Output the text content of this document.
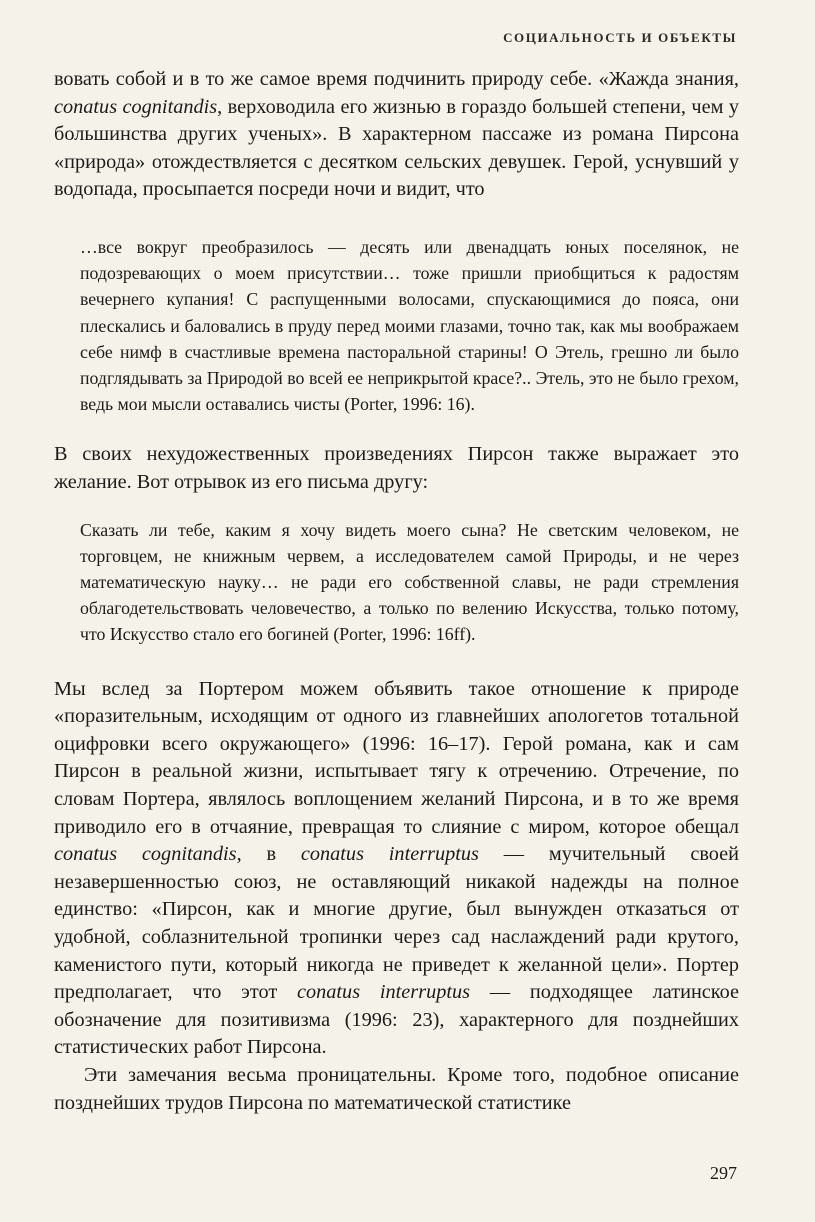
СОЦИАЛЬНОСТЬ И ОБЪЕКТЫ

вовать собой и в то же самое время подчинить природу себе. «Жажда знания, conatus cognitandis, верховодила его жизнью в гораздо большей степени, чем у большинства других ученых». В характерном пассаже из романа Пирсона «природа» отождествляется с десятком сельских девушек. Герой, уснувший у водопада, просыпается посреди ночи и видит, что

…все вокруг преобразилось — десять или двенадцать юных поселянок, не подозревающих о моем присутствии… тоже пришли приобщиться к радостям вечернего купания! С распущенными волосами, спускающимися до пояса, они плескались и баловались в пруду перед моими глазами, точно так, как мы воображаем себе нимф в счастливые времена пасторальной старины! О Этель, грешно ли было подглядывать за Природой во всей ее неприкрытой красе?.. Этель, это не было грехом, ведь мои мысли оставались чисты (Porter, 1996: 16).

В своих нехудожественных произведениях Пирсон также выражает это желание. Вот отрывок из его письма другу:

Сказать ли тебе, каким я хочу видеть моего сына? Не светским человеком, не торговцем, не книжным червем, а исследователем самой Природы, и не через математическую науку… не ради его собственной славы, не ради стремления облагодетельствовать человечество, а только по велению Искусства, только потому, что Искусство стало его богиней (Porter, 1996: 16ff).

Мы вслед за Портером можем объявить такое отношение к природе «поразительным, исходящим от одного из главнейших апологетов тотальной оцифровки всего окружающего» (1996: 16–17). Герой романа, как и сам Пирсон в реальной жизни, испытывает тягу к отречению. Отречение, по словам Портера, являлось воплощением желаний Пирсона, и в то же время приводило его в отчаяние, превращая то слияние с миром, которое обещал conatus cognitandis, в conatus interruptus — мучительный своей незавершенностью союз, не оставляющий никакой надежды на полное единство: «Пирсон, как и многие другие, был вынужден отказаться от удобной, соблазнительной тропинки через сад наслаждений ради крутого, каменистого пути, который никогда не приведет к желанной цели». Портер предполагает, что этот conatus interruptus — подходящее латинское обозначение для позитивизма (1996: 23), характерного для позднейших статистических работ Пирсона.

Эти замечания весьма проницательны. Кроме того, подобное описание позднейших трудов Пирсона по математической статистике

297
